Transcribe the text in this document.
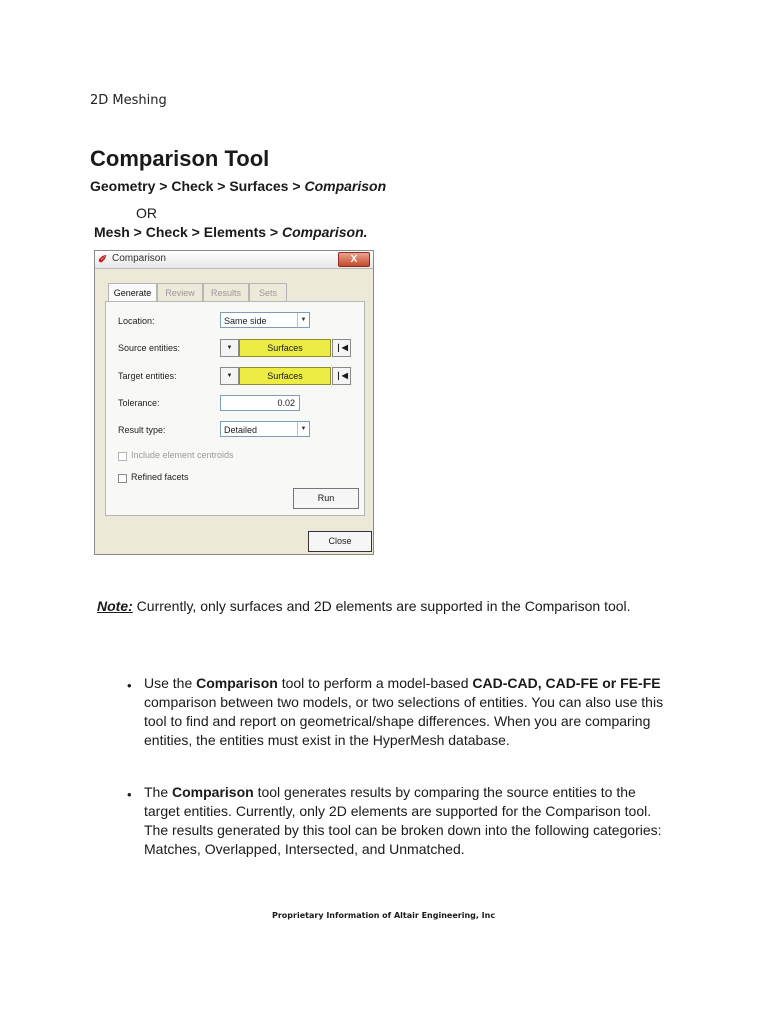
2D Meshing
Comparison Tool
Geometry > Check > Surfaces > Comparison
OR
Mesh > Check > Elements > Comparison.
✐ Comparison	X
Generate	Review	Results	Sets
Location:	Same side	▼
Source entities:	▼	Surfaces	❘◀
Target entities:	▼	Surfaces	❘◀
Tolerance:	0.02
Result type:	Detailed	▼
Include element centroids
Refined facets
Run
Close
Note: Currently, only surfaces and 2D elements are supported in the Comparison tool.
• Use the Comparison tool to perform a model-based CAD-CAD, CAD-FE or FE-FE comparison between two models, or two selections of entities. You can also use this tool to find and report on geometrical/shape differences. When you are comparing entities, the entities must exist in the HyperMesh database.
• The Comparison tool generates results by comparing the source entities to the target entities. Currently, only 2D elements are supported for the Comparison tool. The results generated by this tool can be broken down into the following categories: Matches, Overlapped, Intersected, and Unmatched.
Proprietary Information of Altair Engineering, Inc
